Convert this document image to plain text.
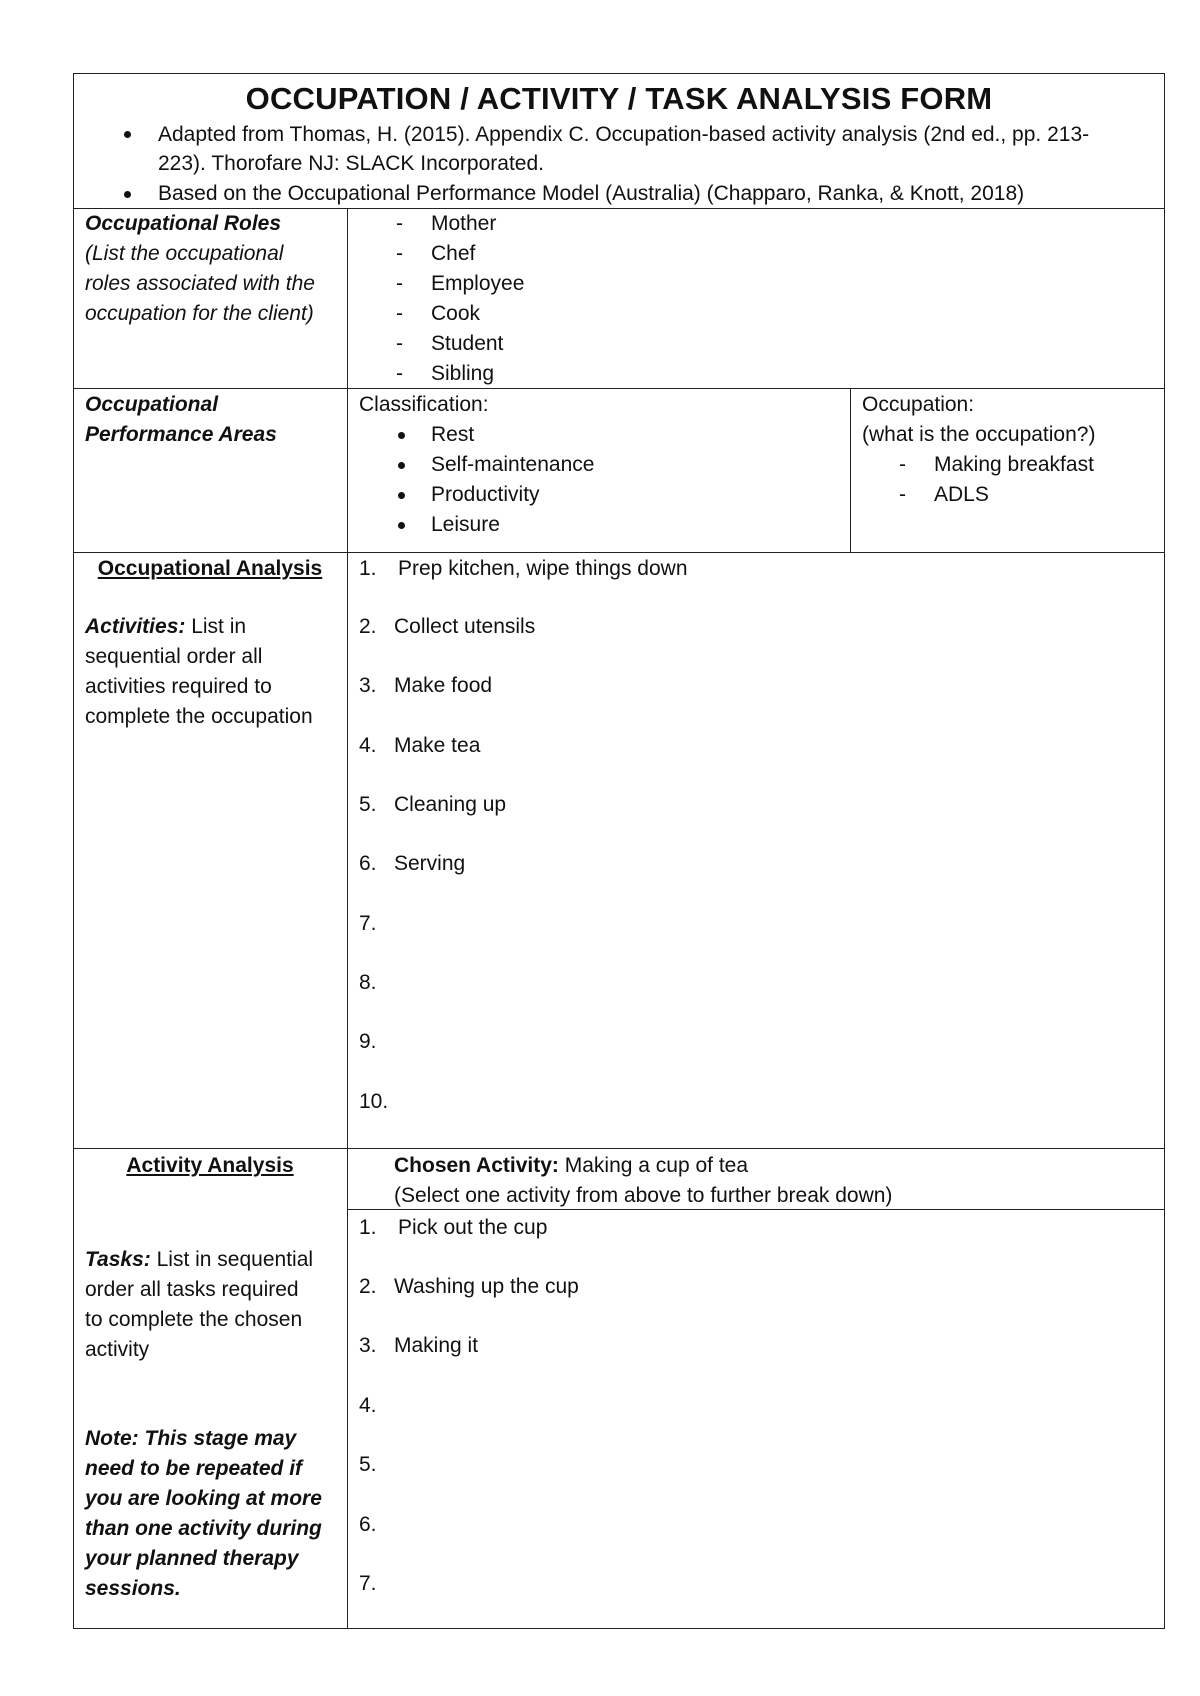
OCCUPATION / ACTIVITY / TASK ANALYSIS FORM
Adapted from Thomas, H. (2015). Appendix C. Occupation-based activity analysis (2nd ed., pp. 213-
223). Thorofare NJ: SLACK Incorporated.
Based on the Occupational Performance Model (Australia) (Chapparo, Ranka, & Knott, 2018)
Occupational Roles
(List the occupational
roles associated with the
occupation for the client)
- Mother
- Chef
- Employee
- Cook
- Student
- Sibling
Occupational
Performance Areas
Classification:
Rest
Self-maintenance
Productivity
Leisure
Occupation:
(what is the occupation?)
- Making breakfast
- ADLS
Occupational Analysis
Activities: List in
sequential order all
activities required to
complete the occupation
1. Prep kitchen, wipe things down
2. Collect utensils
3. Make food
4. Make tea
5. Cleaning up
6. Serving
7.
8.
9.
10.
Activity Analysis	Chosen Activity: Making a cup of tea
(Select one activity from above to further break down)
Tasks: List in sequential
order all tasks required
to complete the chosen
activity
Note: This stage may
need to be repeated if
you are looking at more
than one activity during
your planned therapy
sessions.
1. Pick out the cup
2. Washing up the cup
3. Making it
4.
5.
6.
7.
